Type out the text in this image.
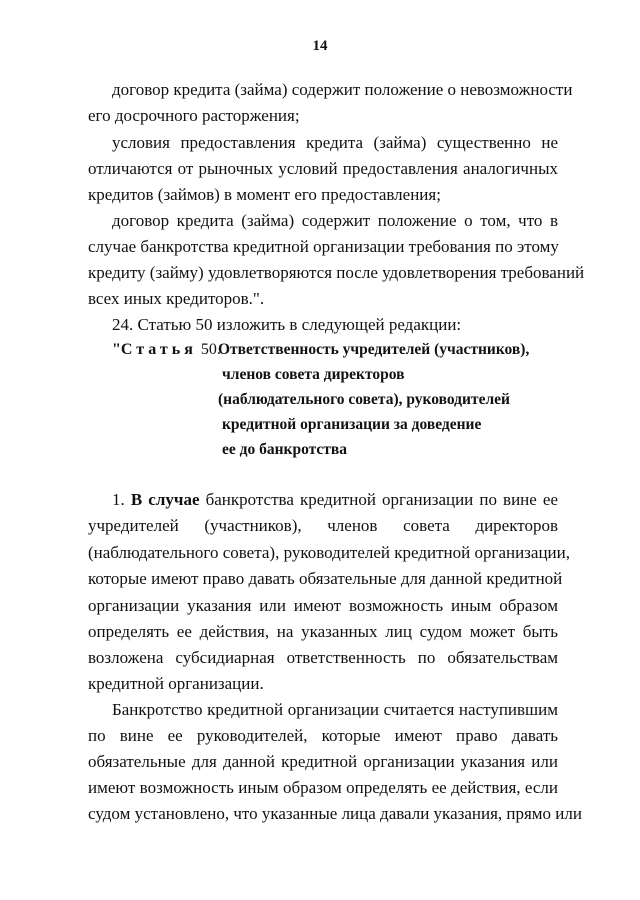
14
договор кредита (займа) содержит положение о невозможности
его досрочного расторжения;
условия предоставления кредита (займа) существенно не
отличаются от рыночных условий предоставления аналогичных
кредитов (займов) в момент его предоставления;
договор кредита (займа) содержит положение о том, что в
случае банкротства кредитной организации требования по этому
кредиту (займу) удовлетворяются после удовлетворения требований
всех иных кредиторов.".
24. Статью 50 изложить в следующей редакции:
"Статья 50.
Ответственность учредителей (участников),
членов совета директоров
(наблюдательного совета), руководителей
кредитной организации за доведение
ее до банкротства
1. В случае банкротства кредитной организации по вине ее
учредителей (участников), членов совета директоров
(наблюдательного совета), руководителей кредитной организации,
которые имеют право давать обязательные для данной кредитной
организации указания или имеют возможность иным образом
определять ее действия, на указанных лиц судом может быть
возложена субсидиарная ответственность по обязательствам
кредитной организации.
Банкротство кредитной организации считается наступившим
по вине ее руководителей, которые имеют право давать
обязательные для данной кредитной организации указания или
имеют возможность иным образом определять ее действия, если
судом установлено, что указанные лица давали указания, прямо или
